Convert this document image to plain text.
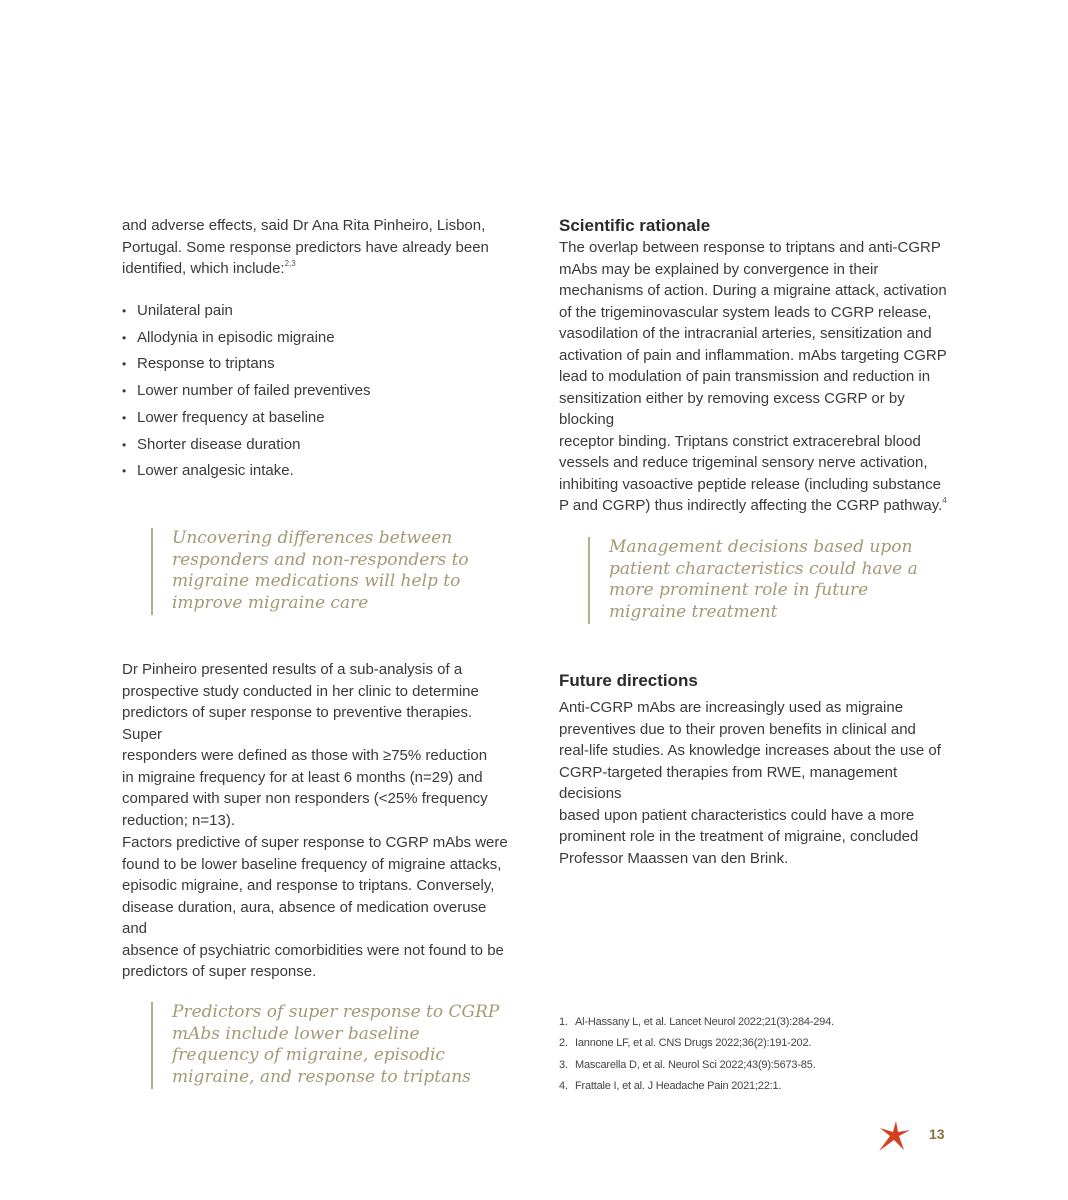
and adverse effects, said Dr Ana Rita Pinheiro, Lisbon,
Portugal. Some response predictors have already been
identified, which include:$^{2,3}$

• Unilateral pain
• Allodynia in episodic migraine
• Response to triptans
• Lower number of failed preventives
• Lower frequency at baseline
• Shorter disease duration
• Lower analgesic intake.
Uncovering differences between
responders and non-responders to
migraine medications will help to
improve migraine care

Dr Pinheiro presented results of a sub-analysis of a
prospective study conducted in her clinic to determine
predictors of super response to preventive therapies. Super
responders were defined as those with ≥75% reduction
in migraine frequency for at least 6 months (n=29) and
compared with super non responders (<25% frequency
reduction; n=13).

Factors predictive of super response to CGRP mAbs were
found to be lower baseline frequency of migraine attacks,
episodic migraine, and response to triptans. Conversely,
disease duration, aura, absence of medication overuse and
absence of psychiatric comorbidities were not found to be
predictors of super response.

Predictors of super response to CGRP
mAbs include lower baseline
frequency of migraine, episodic
migraine, and response to triptans
Scientific rationale

The overlap between response to triptans and anti-CGRP
mAbs may be explained by convergence in their
mechanisms of action. During a migraine attack, activation
of the trigeminovascular system leads to CGRP release,
vasodilation of the intracranial arteries, sensitization and
activation of pain and inflammation. mAbs targeting CGRP
lead to modulation of pain transmission and reduction in
sensitization either by removing excess CGRP or by blocking
receptor binding. Triptans constrict extracerebral blood
vessels and reduce trigeminal sensory nerve activation,
inhibiting vasoactive peptide release (including substance
P and CGRP) thus indirectly affecting the CGRP pathway.$^4$

Management decisions based upon
patient characteristics could have a
more prominent role in future
migraine treatment
Future directions

Anti-CGRP mAbs are increasingly used as migraine
preventives due to their proven benefits in clinical and
real-life studies. As knowledge increases about the use of
CGRP-targeted therapies from RWE, management decisions
based upon patient characteristics could have a more
prominent role in the treatment of migraine, concluded
Professor Maassen van den Brink.

1. Al-Hassany L, et al. Lancet Neurol 2022;21(3):284-294.
2. Iannone LF, et al. CNS Drugs 2022;36(2):191-202.
3. Mascarella D, et al. Neurol Sci 2022;43(9):5673-85.
4. Frattale I, et al. J Headache Pain 2021;22:1.
13
